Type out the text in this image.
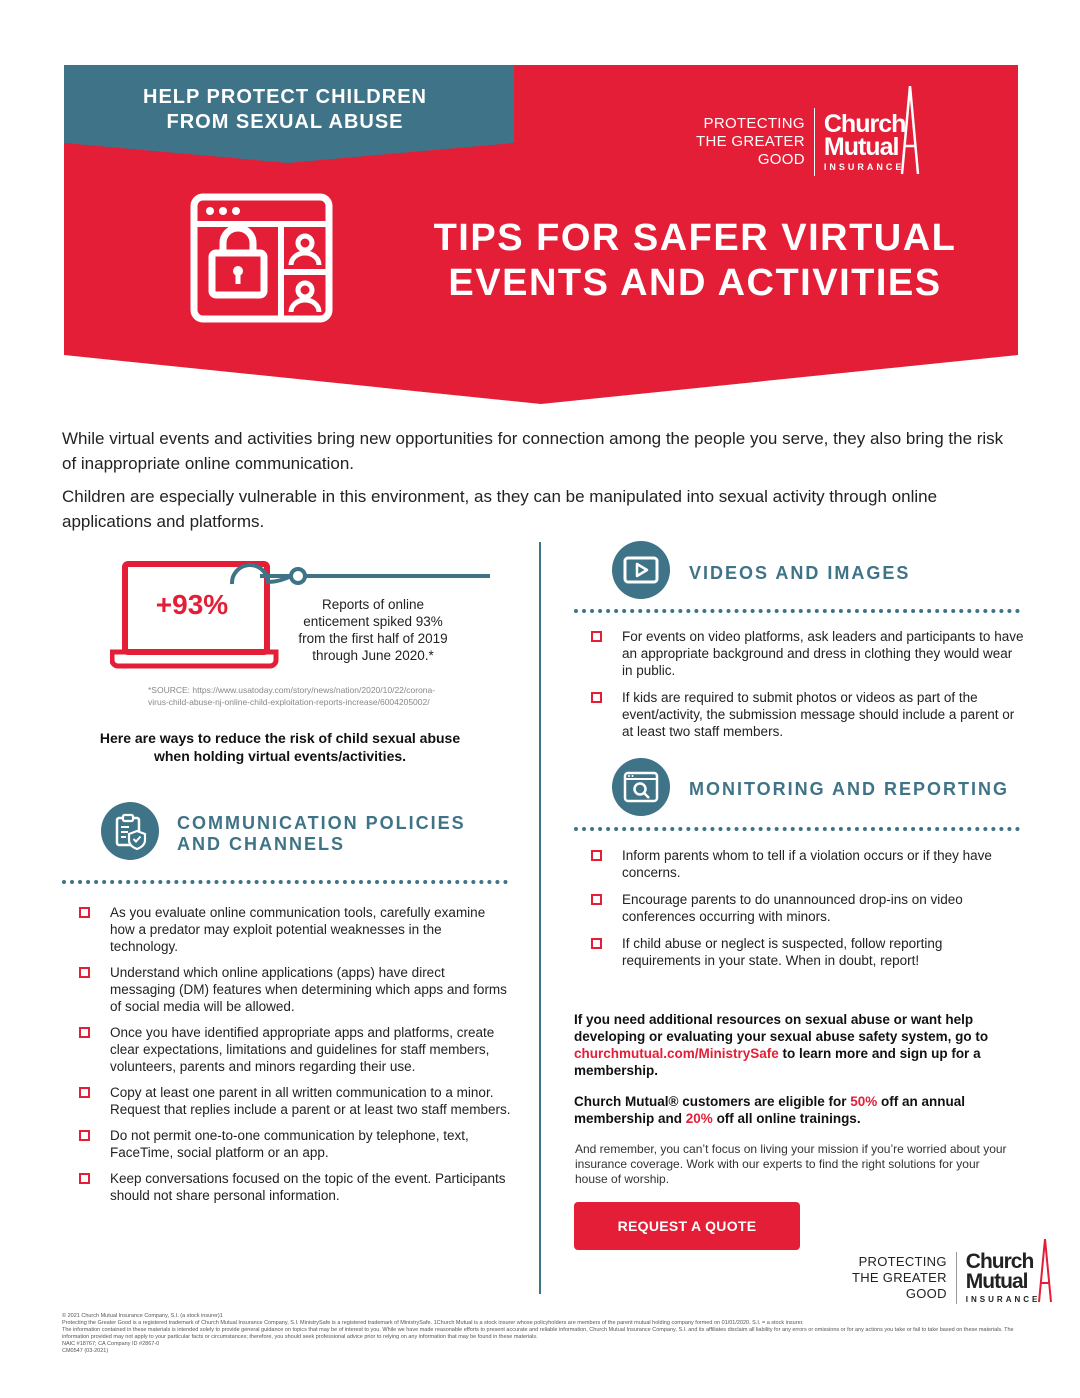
HELP PROTECT CHILDREN
FROM SEXUAL ABUSE
TIPS FOR SAFER VIRTUAL
EVENTS AND ACTIVITIES
PROTECTING
THE GREATER
GOOD
Church
Mutual
INSURANCE

While virtual events and activities bring new opportunities for connection among the people you serve, they also bring the risk of inappropriate online communication.

Children are especially vulnerable in this environment, as they can be manipulated into sexual activity through online applications and platforms.

+93%	Reports of online enticement spiked 93% from the first half of 2019 through June 2020.*
*SOURCE: https://www.usatoday.com/story/news/nation/2020/10/22/corona-virus-child-abuse-nj-online-child-exploitation-reports-increase/6004205002/
Here are ways to reduce the risk of child sexual abuse when holding virtual events/activities.
COMMUNICATION POLICIES
AND CHANNELS
As you evaluate online communication tools, carefully examine how a predator may exploit potential weaknesses in the technology.
Understand which online applications (apps) have direct messaging (DM) features when determining which apps and forms of social media will be allowed.
Once you have identified appropriate apps and platforms, create clear expectations, limitations and guidelines for staff members, volunteers, parents and minors regarding their use.
Copy at least one parent in all written communication to a minor. Request that replies include a parent or at least two staff members.
Do not permit one-to-one communication by telephone, text, FaceTime, social platform or an app.
Keep conversations focused on the topic of the event. Participants should not share personal information.
VIDEOS AND IMAGES
For events on video platforms, ask leaders and participants to have an appropriate background and dress in clothing they would wear in public.
If kids are required to submit photos or videos as part of the event/activity, the submission message should include a parent or at least two staff members.
MONITORING AND REPORTING
Inform parents whom to tell if a violation occurs or if they have concerns.
Encourage parents to do unannounced drop-ins on video conferences occurring with minors.
If child abuse or neglect is suspected, follow reporting requirements in your state. When in doubt, report!
If you need additional resources on sexual abuse or want help developing or evaluating your sexual abuse safety system, go to churchmutual.com/MinistrySafe to learn more and sign up for a membership.
Church Mutual® customers are eligible for 50% off an annual membership and 20% off all online trainings.
And remember, you can’t focus on living your mission if you’re worried about your insurance coverage. Work with our experts to find the right solutions for your house of worship.
REQUEST A QUOTE
PROTECTING
THE GREATER
GOOD
Church
Mutual
INSURANCE
© 2021 Church Mutual Insurance Company, S.I. (a stock insurer)1
Protecting the Greater Good is a registered trademark of Church Mutual Insurance Company, S.I. MinistrySafe is a registered trademark of MinistrySafe. 1Church Mutual is a stock insurer whose policyholders are members of the parent mutual holding company formed on 01/01/2020. S.I. = a stock insurer.
The information contained in these materials is intended solely to provide general guidance on topics that may be of interest to you. While we have made reasonable efforts to present accurate and reliable information, Church Mutual Insurance Company, S.I. and its affiliates disclaim all liability for any errors or omissions or for any actions you take or fail to take based on these materials. The information provided may not apply to your particular facts or circumstances; therefore, you should seek professional advice prior to relying on any information that may be found in these materials.
NAIC #18767; CA Company ID #2867-0
CM0547 (03-2021)
